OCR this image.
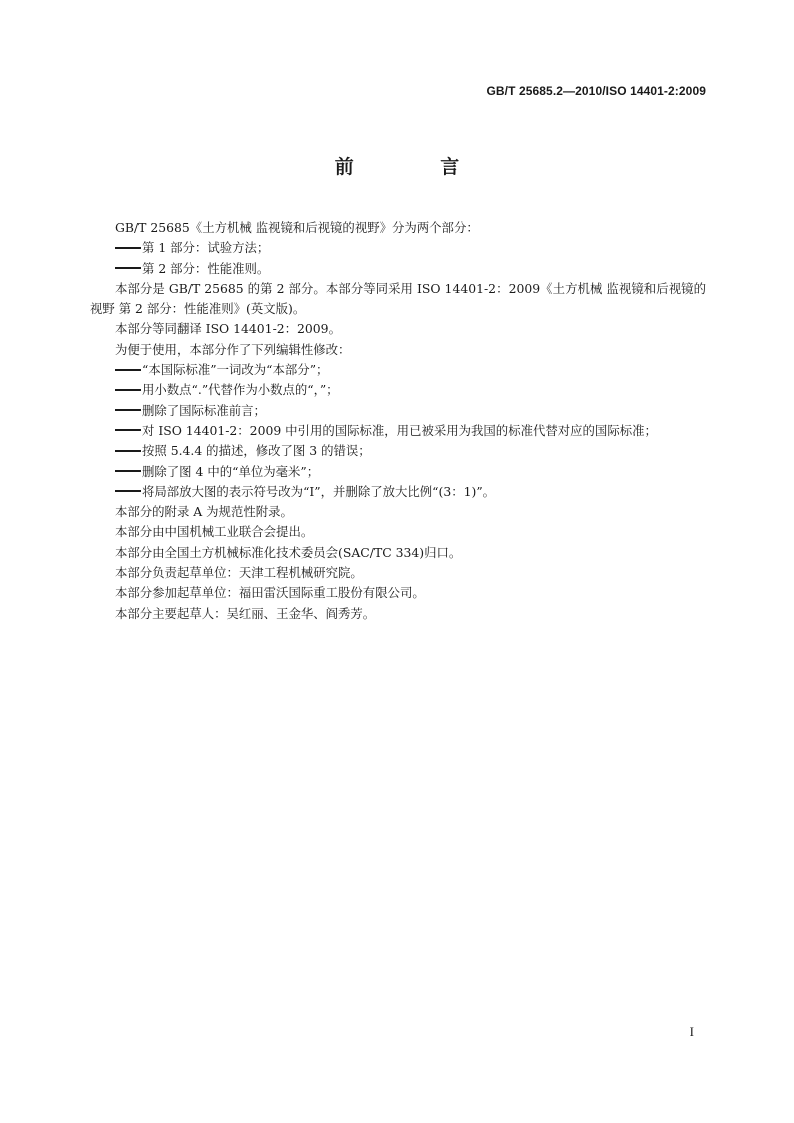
GB/T 25685.2—2010/ISO 14401-2:2009
前 言
GB/T 25685《土方机械 监视镜和后视镜的视野》分为两个部分：
第 1 部分：试验方法；
第 2 部分：性能准则。
本部分是 GB/T 25685 的第 2 部分。本部分等同采用 ISO 14401-2：2009《土方机械 监视镜和后视镜的视野 第 2 部分：性能准则》(英文版)。
本部分等同翻译 ISO 14401-2：2009。
为便于使用，本部分作了下列编辑性修改：
“本国际标准”一词改为“本部分”；
用小数点“.”代替作为小数点的“，”；
删除了国际标准前言；
对 ISO 14401-2：2009 中引用的国际标准，用已被采用为我国的标准代替对应的国际标准；
按照 5.4.4 的描述，修改了图 3 的错误；
删除了图 4 中的“单位为毫米”；
将局部放大图的表示符号改为“Ⅰ”，并删除了放大比例“(3：1)”。
本部分的附录 A 为规范性附录。
本部分由中国机械工业联合会提出。
本部分由全国土方机械标准化技术委员会(SAC/TC 334)归口。
本部分负责起草单位：天津工程机械研究院。
本部分参加起草单位：福田雷沃国际重工股份有限公司。
本部分主要起草人：吴红丽、王金华、阎秀芳。
I
